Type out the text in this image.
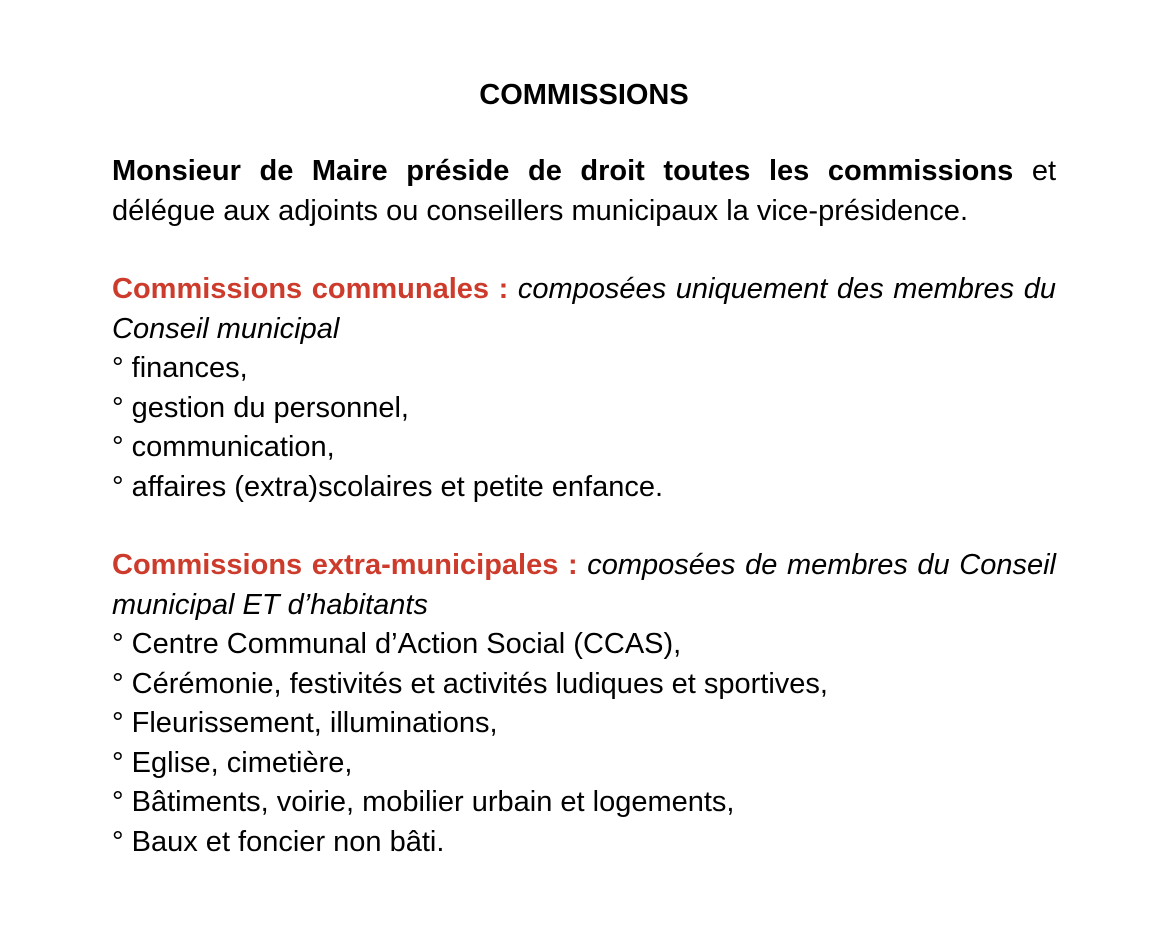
COMMISSIONS

Monsieur de Maire préside de droit toutes les commissions et délégue aux adjoints ou conseillers municipaux la vice-présidence.

Commissions communales : composées uniquement des membres du Conseil municipal

° finances,
° gestion du personnel,
° communication,
° affaires (extra)scolaires et petite enfance.

Commissions extra-municipales : composées de membres du Conseil municipal ET d’habitants

° Centre Communal d’Action Social (CCAS),
° Cérémonie, festivités et activités ludiques et sportives,
° Fleurissement, illuminations,
° Eglise, cimetière,
° Bâtiments, voirie, mobilier urbain et logements,
° Baux et foncier non bâti.
